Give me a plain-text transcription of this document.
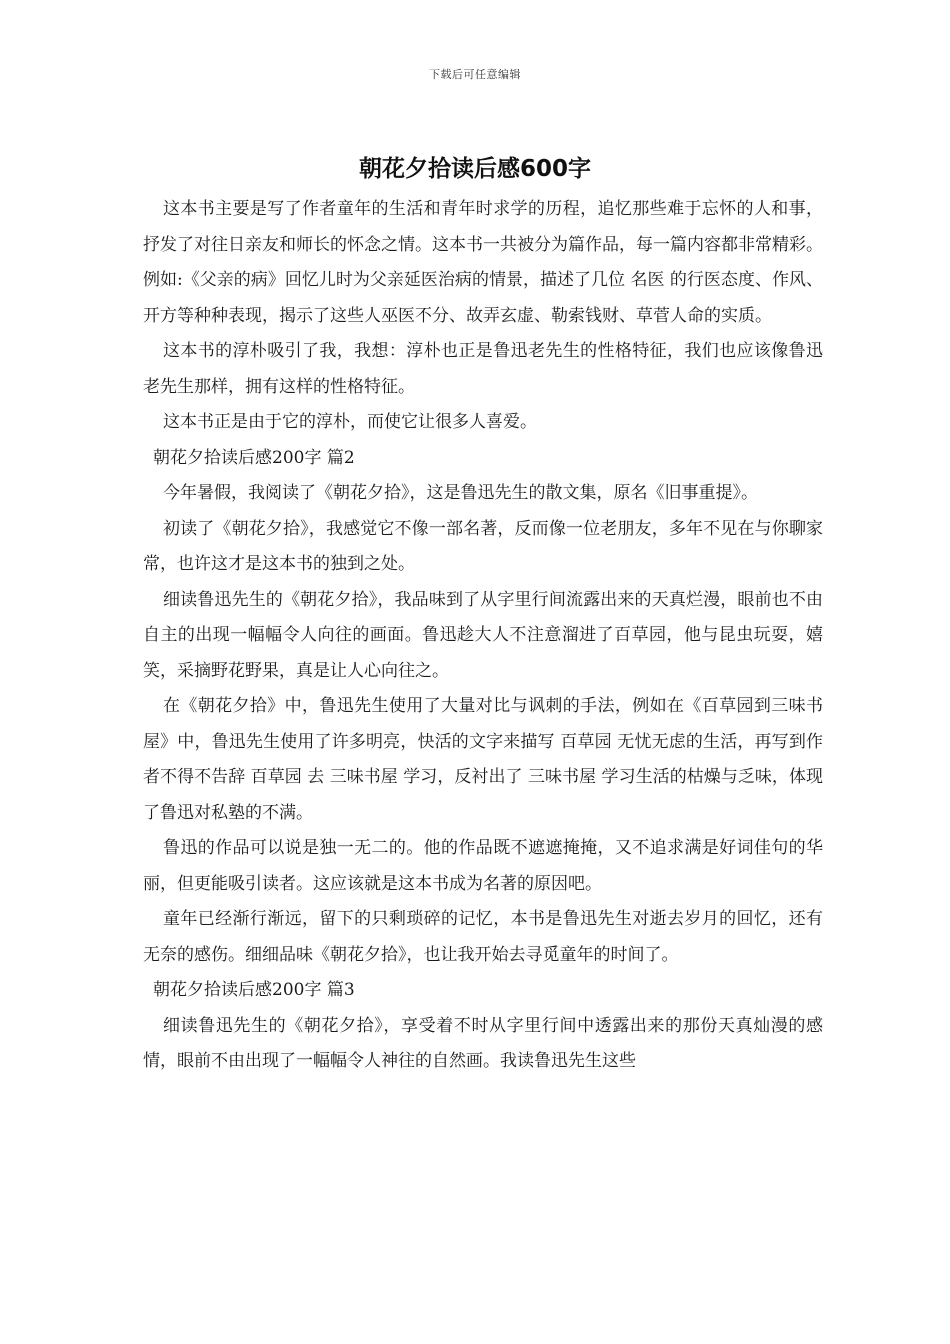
下载后可任意编辑
朝花夕拾读后感600字

这本书主要是写了作者童年的生活和青年时求学的历程，追忆那些难于忘怀的人和事，抒发了对往日亲友和师长的怀念之情。这本书一共被分为篇作品，每一篇内容都非常精彩。例如:《父亲的病》回忆儿时为父亲延医治病的情景，描述了几位 名医 的行医态度、作风、开方等种种表现，揭示了这些人巫医不分、故弄玄虚、勒索钱财、草菅人命的实质。

这本书的淳朴吸引了我，我想：淳朴也正是鲁迅老先生的性格特征，我们也应该像鲁迅老先生那样，拥有这样的性格特征。

这本书正是由于它的淳朴，而使它让很多人喜爱。

朝花夕拾读后感200字 篇2

今年暑假，我阅读了《朝花夕拾》，这是鲁迅先生的散文集，原名《旧事重提》。

初读了《朝花夕拾》，我感觉它不像一部名著，反而像一位老朋友，多年不见在与你聊家常，也许这才是这本书的独到之处。

细读鲁迅先生的《朝花夕拾》，我品味到了从字里行间流露出来的天真烂漫，眼前也不由自主的出现一幅幅令人向往的画面。鲁迅趁大人不注意溜进了百草园，他与昆虫玩耍，嬉笑，采摘野花野果，真是让人心向往之。

在《朝花夕拾》中，鲁迅先生使用了大量对比与讽刺的手法，例如在《百草园到三味书屋》中，鲁迅先生使用了许多明亮，快活的文字来描写 百草园 无忧无虑的生活，再写到作者不得不告辞 百草园 去 三味书屋 学习，反衬出了 三味书屋 学习生活的枯燥与乏味，体现了鲁迅对私塾的不满。

鲁迅的作品可以说是独一无二的。他的作品既不遮遮掩掩，又不追求满是好词佳句的华丽，但更能吸引读者。这应该就是这本书成为名著的原因吧。

童年已经渐行渐远，留下的只剩琐碎的记忆，本书是鲁迅先生对逝去岁月的回忆，还有无奈的感伤。细细品味《朝花夕拾》，也让我开始去寻觅童年的时间了。

朝花夕拾读后感200字 篇3

细读鲁迅先生的《朝花夕拾》，享受着不时从字里行间中透露出来的那份天真灿漫的感情，眼前不由出现了一幅幅令人神往的自然画。我读鲁迅先生这些
